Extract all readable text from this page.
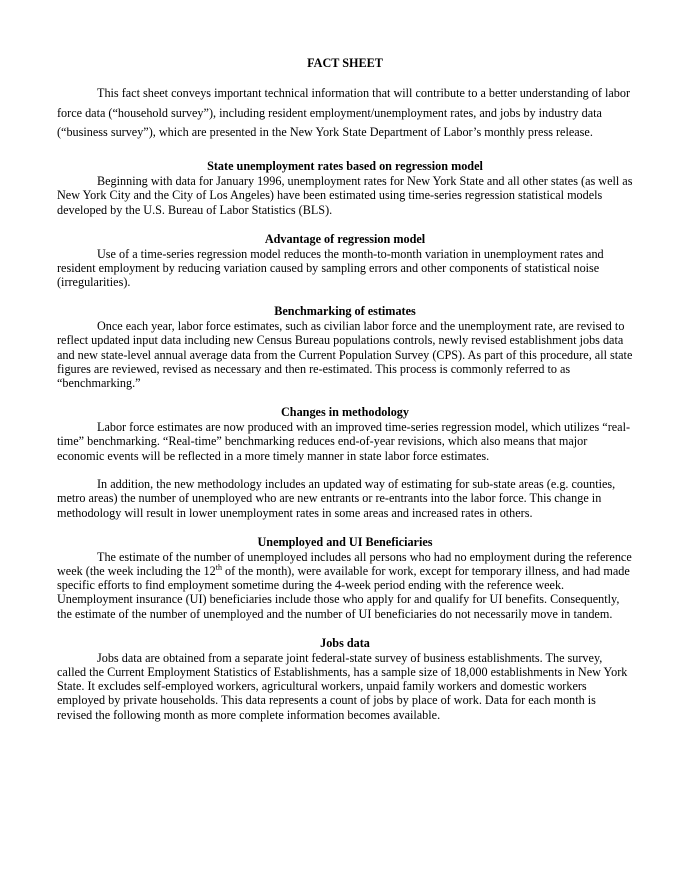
FACT SHEET

This fact sheet conveys important technical information that will contribute to a better understanding of labor force data (“household survey”), including resident employment/unemployment rates, and jobs by industry data (“business survey”), which are presented in the New York State Department of Labor’s monthly press release.

State unemployment rates based on regression model

Beginning with data for January 1996, unemployment rates for New York State and all other states (as well as New York City and the City of Los Angeles) have been estimated using time-series regression statistical models developed by the U.S. Bureau of Labor Statistics (BLS).

Advantage of regression model

Use of a time-series regression model reduces the month-to-month variation in unemployment rates and resident employment by reducing variation caused by sampling errors and other components of statistical noise (irregularities).

Benchmarking of estimates

Once each year, labor force estimates, such as civilian labor force and the unemployment rate, are revised to reflect updated input data including new Census Bureau populations controls, newly revised establishment jobs data and new state-level annual average data from the Current Population Survey (CPS). As part of this procedure, all state figures are reviewed, revised as necessary and then re-estimated. This process is commonly referred to as “benchmarking.”

Changes in methodology

Labor force estimates are now produced with an improved time-series regression model, which utilizes “real-time” benchmarking. “Real-time” benchmarking reduces end-of-year revisions, which also means that major economic events will be reflected in a more timely manner in state labor force estimates.

In addition, the new methodology includes an updated way of estimating for sub-state areas (e.g. counties, metro areas) the number of unemployed who are new entrants or re-entrants into the labor force. This change in methodology will result in lower unemployment rates in some areas and increased rates in others.

Unemployed and UI Beneficiaries

The estimate of the number of unemployed includes all persons who had no employment during the reference week (the week including the 12th of the month), were available for work, except for temporary illness, and had made specific efforts to find employment sometime during the 4-week period ending with the reference week. Unemployment insurance (UI) beneficiaries include those who apply for and qualify for UI benefits. Consequently, the estimate of the number of unemployed and the number of UI beneficiaries do not necessarily move in tandem.

Jobs data

Jobs data are obtained from a separate joint federal-state survey of business establishments. The survey, called the Current Employment Statistics of Establishments, has a sample size of 18,000 establishments in New York State. It excludes self-employed workers, agricultural workers, unpaid family workers and domestic workers employed by private households. This data represents a count of jobs by place of work. Data for each month is revised the following month as more complete information becomes available.
